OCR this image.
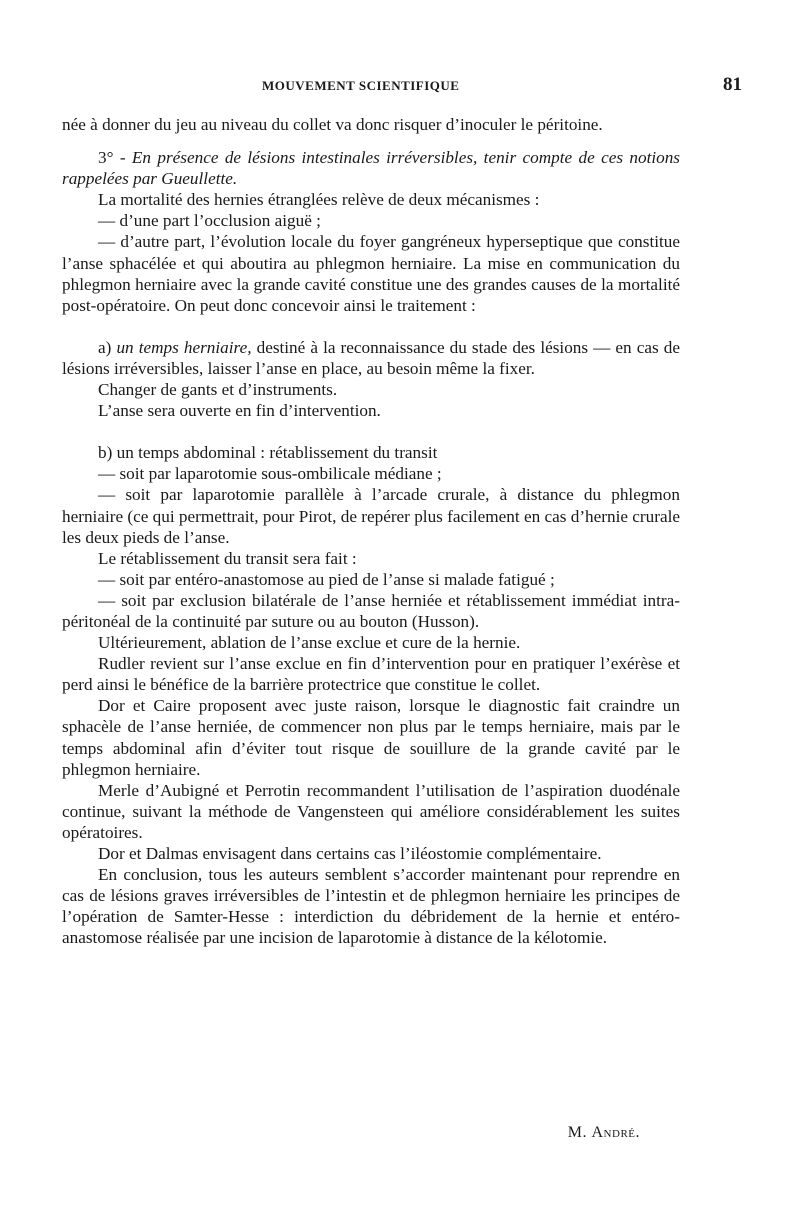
MOUVEMENT SCIENTIFIQUE	81

née à donner du jeu au niveau du collet va donc risquer d’inoculer le péritoine.

3° - En présence de lésions intestinales irréversibles, tenir compte de ces notions rappelées par Gueullette.

La mortalité des hernies étranglées relève de deux mécanismes :

— d’une part l’occlusion aiguë ;

— d’autre part, l’évolution locale du foyer gangréneux hyperseptique que constitue l’anse sphacélée et qui aboutira au phlegmon herniaire. La mise en communication du phlegmon herniaire avec la grande cavité constitue une des grandes causes de la mortalité post-opératoire. On peut donc concevoir ainsi le traitement :

a) un temps herniaire, destiné à la reconnaissance du stade des lésions — en cas de lésions irréversibles, laisser l’anse en place, au besoin même la fixer.

Changer de gants et d’instruments.

L’anse sera ouverte en fin d’intervention.

b) un temps abdominal : rétablissement du transit

— soit par laparotomie sous-ombilicale médiane ;

— soit par laparotomie parallèle à l’arcade crurale, à distance du phlegmon herniaire (ce qui permettrait, pour Pirot, de repérer plus facilement en cas d’hernie crurale les deux pieds de l’anse.

Le rétablissement du transit sera fait :

— soit par entéro-anastomose au pied de l’anse si malade fatigué ;

— soit par exclusion bilatérale de l’anse herniée et rétablissement immédiat intra-péritonéal de la continuité par suture ou au bouton (Husson).

Ultérieurement, ablation de l’anse exclue et cure de la hernie.

Rudler revient sur l’anse exclue en fin d’intervention pour en pratiquer l’exérèse et perd ainsi le bénéfice de la barrière protectrice que constitue le collet.

Dor et Caire proposent avec juste raison, lorsque le diagnostic fait craindre un sphacèle de l’anse herniée, de commencer non plus par le temps herniaire, mais par le temps abdominal afin d’éviter tout risque de souillure de la grande cavité par le phlegmon herniaire.

Merle d’Aubigné et Perrotin recommandent l’utilisation de l’aspiration duodénale continue, suivant la méthode de Vangensteen qui améliore considérablement les suites opératoires.

Dor et Dalmas envisagent dans certains cas l’iléostomie complémentaire.

En conclusion, tous les auteurs semblent s’accorder maintenant pour reprendre en cas de lésions graves irréversibles de l’intestin et de phlegmon herniaire les principes de l’opération de Samter-Hesse : interdiction du débridement de la hernie et entéro-anastomose réalisée par une incision de laparotomie à distance de la kélotomie.

M. André.
